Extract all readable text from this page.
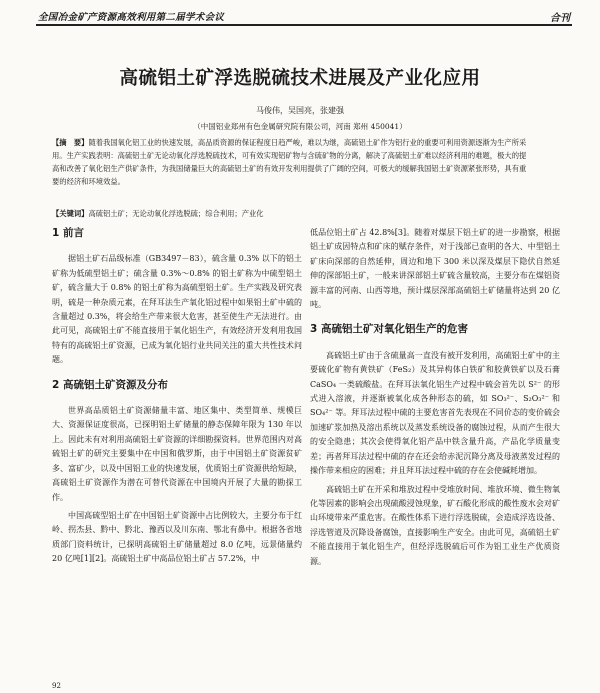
全国冶金矿产资源高效利用第二届学术会议	合刊
高硫铝土矿浮选脱硫技术进展及产业化应用
马俊伟，吴国亮，张建强
（中国铝业郑州有色金属研究院有限公司，河南 郑州 450041）
【摘　要】随着我国氧化铝工业的快速发展，高品质资源的保证程度日趋严峻，难以为继，高硫铝土矿作为铝行业的重要可利用资源逐渐为生产所采用。生产实践表明：高硫铝土矿无论动氧化浮选脱硫技术，可有效实现铝矿物与含硫矿物的分离，解决了高硫铝土矿难以经济利用的难题，极大的提高和改善了氧化铝生产供矿条件，为我国储量巨大的高硫铝土矿的有效开发利用提供了广阔的空间，可极大的缓解我国铝土矿资源紧张形势，具有重要的经济和环境效益。
【关键词】高硫铝土矿；无论动氧化浮选脱硫；综合利用；产业化
1 前言

据铝土矿石品级标准（GB3497－83），硫含量 0.3% 以下的铝土矿称为低硫型铝土矿；硫含量 0.3%～0.8% 的铝土矿称为中硫型铝土矿，硫含量大于 0.8% 的铝土矿称为高硫型铝土矿。生产实践及研究表明，硫是一种杂质元素，在拜耳法生产氧化铝过程中如果铝土矿中硫的含量超过 0.3%，将会给生产带来很大危害，甚至使生产无法进行。由此可见，高硫铝土矿不能直接用于氧化铝生产，有效经济开发利用我国特有的高硫铝土矿资源，已成为氧化铝行业共同关注的重大共性技术问题。

2 高硫铝土矿资源及分布

世界高品质铝土矿资源储量丰富、地区集中、类型简单、规模巨大、资源保证度很高，已探明铝土矿储量的静态保障年限为 130 年以上。因此未有对利用高硫铝土矿资源的详细勘探资料。世界范围内对高硫铝土矿的研究主要集中在中国和俄罗斯，由于中国铝土矿资源贫矿多、富矿少，以及中国铝工业的快速发展，优质铝土矿资源供给短缺，高硫铝土矿资源作为潜在可替代资源在中国境内开展了大量的勘探工作。

中国高硫型铝土矿在中国铝土矿资源中占比例较大，主要分布于红岭、拐杰县、黔中、黔北、豫西以及川东南、鄂北有鼻中。根据各省地质部门资料统计，已探明高硫铝土矿储量超过 8.0 亿吨，远景储量约 20 亿吨[1][2]。高硫铝土矿中高品位铝土矿占 57.2%，中

低品位铝土矿占 42.8%[3]。随着对煤层下铝土矿的进一步勘察，根据铝土矿成因特点和矿床的赋存条件，对于浅部已查明的各大、中型铝土矿床向深部的自然延伸，周边和地下 300 米以深及煤层下隐伏自然延伸的深部铝土矿，一般来讲深部铝土矿硫含量较高，主要分布在煤铝资源丰富的河南、山西等地，预计煤层深部高硫铝土矿储量将达到 20 亿吨。

3 高硫铝土矿对氧化铝生产的危害

高硫铝土矿由于含硫量高一直没有被开发利用，高硫铝土矿中的主要硫化矿物有黄铁矿（FeS₂）及其异构体白铁矿和胶黄铁矿以及石膏 CaSO₄ 一类硫酸盐。在拜耳法氧化铝生产过程中硫会首先以 S²⁻ 的形式进入溶液，并逐渐被氧化成各种形态的硫，如 SO₃²⁻、S₂O₃²⁻ 和 SO₄²⁻ 等。拜耳法过程中硫的主要危害首先表现在不同价态的变价硫会加速矿浆加热及溶出系统以及蒸发系统设备的腐蚀过程，从而产生很大的安全隐患；其次会使得氧化铝产品中铁含量升高，产品化学质量变差；再者拜耳法过程中硫的存在还会给赤泥沉降分离及母液蒸发过程的操作带来相应的困难；并且拜耳法过程中硫的存在会使碱耗增加。

高硫铝土矿在开采和堆放过程中受堆放时间、堆放环境、微生物氧化等因素的影响会出现硫酸浸蚀现象，矿石酸化形成的酸性废水会对矿山环境带来严重危害。在酸性体系下进行浮选脱硫，会造成浮选设备、浮选管道及沉降设备腐蚀，直接影响生产安全。由此可见，高硫铝土矿不能直接用于氧化铝生产，但经浮选脱硫后可作为铝工业生产优质资源。

92
